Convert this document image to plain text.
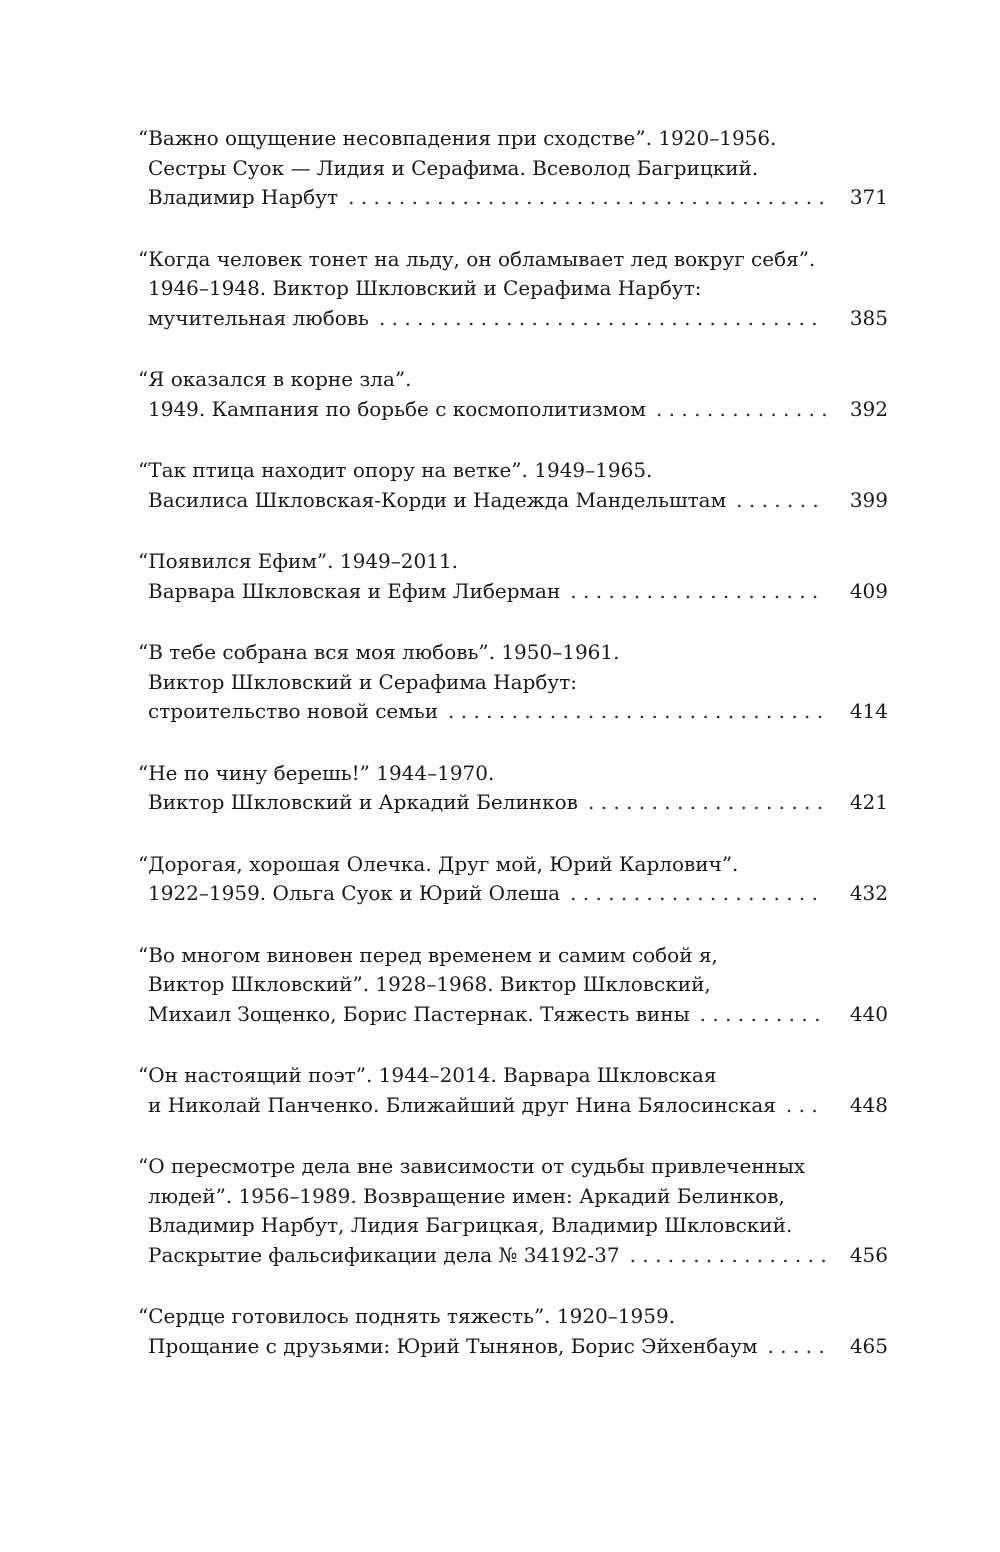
“Важно ощущение несовпадения при сходстве”. 1920–1956.
Сестры Суок — Лидия и Серафима. Всеволод Багрицкий.
Владимир Нарбут . . .	371
“Когда человек тонет на льду, он обламывает лед вокруг себя”.
1946–1948. Виктор Шкловский и Серафима Нарбут:
мучительная любовь . . .	385
“Я оказался в корне зла”.
1949. Кампания по борьбе с космополитизмом . . .	392
“Так птица находит опору на ветке”. 1949–1965.
Василиса Шкловская-Корди и Надежда Мандельштам . . .	399
“Появился Ефим”. 1949–2011.
Варвара Шкловская и Ефим Либерман . . .	409
“В тебе собрана вся моя любовь”. 1950–1961.
Виктор Шкловский и Серафима Нарбут:
строительство новой семьи . . .	414
“Не по чину берешь!” 1944–1970.
Виктор Шкловский и Аркадий Белинков . . .	421
“Дорогая, хорошая Олечка. Друг мой, Юрий Карлович”.
1922–1959. Ольга Суок и Юрий Олеша . . .	432
“Во многом виновен перед временем и самим собой я,
Виктор Шкловский”. 1928–1968. Виктор Шкловский,
Михаил Зощенко, Борис Пастернак. Тяжесть вины . . .	440
“Он настоящий поэт”. 1944–2014. Варвара Шкловская
и Николай Панченко. Ближайший друг Нина Бялосинская . . .	448
“О пересмотре дела вне зависимости от судьбы привлеченных
людей”. 1956–1989. Возвращение имен: Аркадий Белинков,
Владимир Нарбут, Лидия Багрицкая, Владимир Шкловский.
Раскрытие фальсификации дела № 34192-37 . . .	456
“Сердце готовилось поднять тяжесть”. 1920–1959.
Прощание с друзьями: Юрий Тынянов, Борис Эйхенбаум . . .	465
